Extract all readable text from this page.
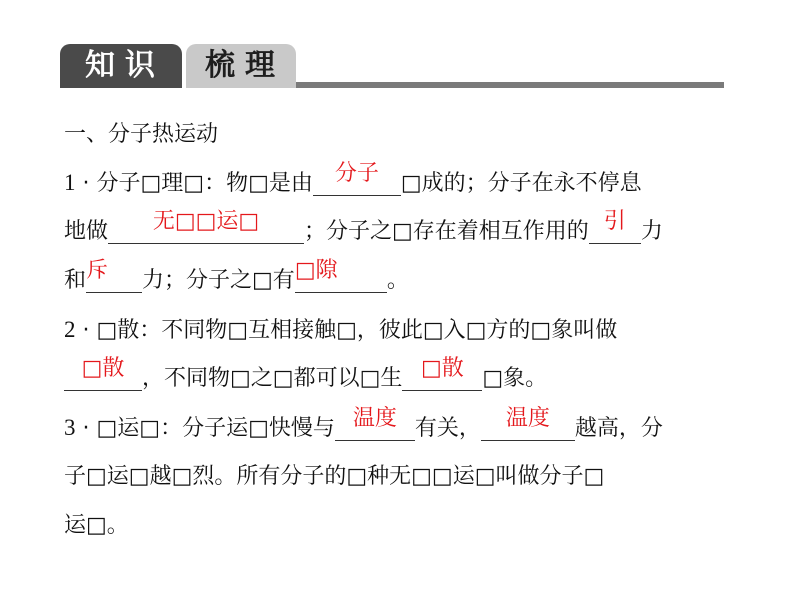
知识	梳理
一、分子热运动
1 · 分子□理□：物□是由 分子	□成的；分子在永不停息
地做	无□□运□	；分子之□存在着相互作用的 引 力
和 斥	力；分子之□有 □隙	。
2 · □散：不同物□互相接触□，彼此□入□方的□象叫做
□散 ，不同物□之□都可以□生 □散 □象。
3 · □运□：分子运□快慢与 温度 有关，	温度	越高，分
子□运□越□烈。所有分子的□种无□□运□叫做分子□
运□。
